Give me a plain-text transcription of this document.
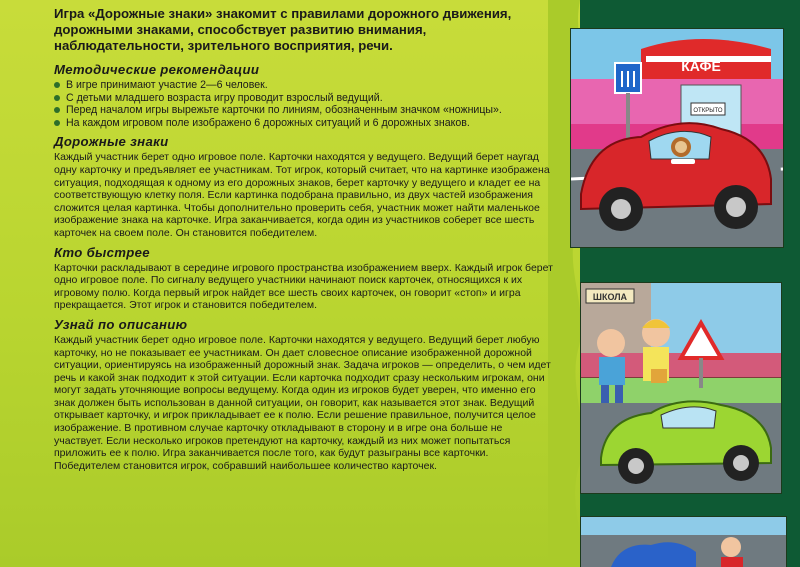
Игра «Дорожные знаки» знакомит с правилами дорожного движения, дорожными знаками, способствует развитию внимания, наблюдательности, зрительного восприятия, речи.

Методические рекомендации
В игре принимают участие 2—6 человек.
С детьми младшего возраста игру проводит взрослый ведущий.
Перед началом игры вырежьте карточки по линиям, обозначенным значком «ножницы».
На каждом игровом поле изображено 6 дорожных ситуаций и 6 дорожных знаков.
Дорожные знаки

Каждый участник берет одно игровое поле. Карточки находятся у ведущего. Ведущий берет наугад одну карточку и предъявляет ее участникам. Тот игрок, который считает, что на картинке изображена ситуация, подходящая к одному из его дорожных знаков, берет карточку у ведущего и кладет ее на соответствующую клетку поля. Если картинка подобрана правильно, из двух частей изображения сложится целая картинка. Чтобы дополнительно проверить себя, участник может найти маленькое изображение знака на карточке. Игра заканчивается, когда один из участников соберет все шесть карточек на своем поле. Он становится победителем.

Кто быстрее

Карточки раскладывают в середине игрового пространства изображением вверх. Каждый игрок берет одно игровое поле. По сигналу ведущего участники начинают поиск карточек, относящихся к их игровому полю. Когда первый игрок найдет все шесть своих карточек, он говорит «стоп» и игра прекращается. Этот игрок и становится победителем.

Узнай по описанию

Каждый участник берет одно игровое поле. Карточки находятся у ведущего. Ведущий берет любую карточку, но не показывает ее участникам. Он дает словесное описание изображенной дорожной ситуации, ориентируясь на изображенный дорожный знак. Задача игроков — определить, о чем идет речь и какой знак подходит к этой ситуации. Если карточка подходит сразу нескольким игрокам, они могут задать уточняющие вопросы ведущему. Когда один из игроков будет уверен, что именно его знак должен быть использован в данной ситуации, он говорит, как называется этот знак. Ведущий открывает карточку, и игрок прикладывает ее к полю. Если решение правильное, получится целое изображение. В противном случае карточку откладывают в сторону и в игре она больше не участвует. Если несколько игроков претендуют на карточку, каждый из них может попытаться приложить ее к полю. Игра заканчивается после того, как будут разыграны все карточки. Победителем становится игрок, собравший наибольшее количество карточек.

КАФЕ
ОТКРЫТО
ШКОЛА
